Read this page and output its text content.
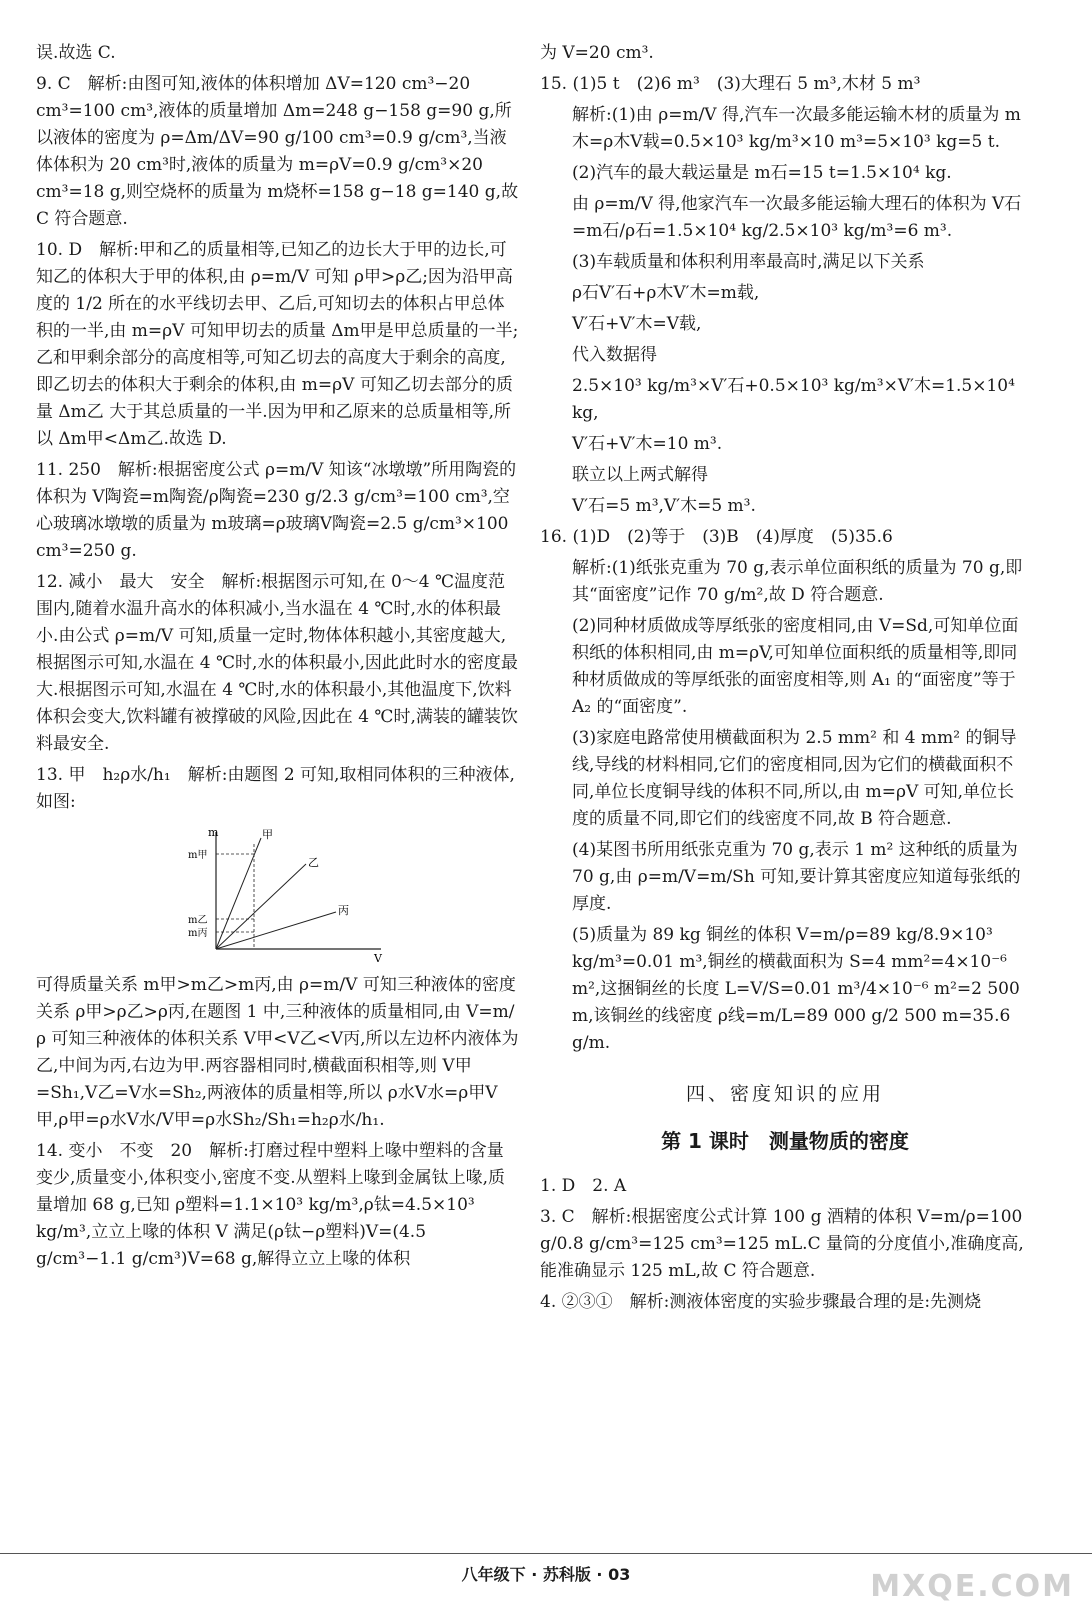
误.故选 C.
9. C　解析:由图可知,液体的体积增加 ΔV=120 cm³−20 cm³=100 cm³,液体的质量增加 Δm=248 g−158 g=90 g,所以液体的密度为 ρ=Δm/ΔV=90 g/100 cm³=0.9 g/cm³,当液体体积为 20 cm³时,液体的质量为 m=ρV=0.9 g/cm³×20 cm³=18 g,则空烧杯的质量为 m烧杯=158 g−18 g=140 g,故 C 符合题意.
10. D　解析:甲和乙的质量相等,已知乙的边长大于甲的边长,可知乙的体积大于甲的体积,由 ρ=m/V 可知 ρ甲>ρ乙;因为沿甲高度的 1/2 所在的水平线切去甲、乙后,可知切去的体积占甲总体积的一半,由 m=ρV 可知甲切去的质量 Δm甲是甲总质量的一半;乙和甲剩余部分的高度相等,可知乙切去的高度大于剩余的高度,即乙切去的体积大于剩余的体积,由 m=ρV 可知乙切去部分的质量 Δm乙 大于其总质量的一半.因为甲和乙原来的总质量相等,所以 Δm甲<Δm乙.故选 D.
11. 250　解析:根据密度公式 ρ=m/V 知该“冰墩墩”所用陶瓷的体积为 V陶瓷=m陶瓷/ρ陶瓷=230 g/2.3 g/cm³=100 cm³,空心玻璃冰墩墩的质量为 m玻璃=ρ玻璃V陶瓷=2.5 g/cm³×100 cm³=250 g.
12. 减小　最大　安全　解析:根据图示可知,在 0～4 ℃温度范围内,随着水温升高水的体积减小,当水温在 4 ℃时,水的体积最小.由公式 ρ=m/V 可知,质量一定时,物体体积越小,其密度越大,根据图示可知,水温在 4 ℃时,水的体积最小,因此此时水的密度最大.根据图示可知,水温在 4 ℃时,水的体积最小,其他温度下,饮料体积会变大,饮料罐有被撑破的风险,因此在 4 ℃时,满装的罐装饮料最安全.
13. 甲　h₂ρ水/h₁　解析:由题图 2 可知,取相同体积的三种液体,如图:
m
V
m甲
m乙
m丙
甲
乙
丙
可得质量关系 m甲>m乙>m丙,由 ρ=m/V 可知三种液体的密度关系 ρ甲>ρ乙>ρ丙,在题图 1 中,三种液体的质量相同,由 V=m/ρ 可知三种液体的体积关系 V甲<V乙<V丙,所以左边杯内液体为乙,中间为丙,右边为甲.两容器相同时,横截面积相等,则 V甲=Sh₁,V乙=V水=Sh₂,两液体的质量相等,所以 ρ水V水=ρ甲V甲,ρ甲=ρ水V水/V甲=ρ水Sh₂/Sh₁=h₂ρ水/h₁.
14. 变小　不变　20　解析:打磨过程中塑料上喙中塑料的含量变少,质量变小,体积变小,密度不变.从塑料上喙到金属钛上喙,质量增加 68 g,已知 ρ塑料=1.1×10³ kg/m³,ρ钛=4.5×10³ kg/m³,立立上喙的体积 V 满足(ρ钛−ρ塑料)V=(4.5 g/cm³−1.1 g/cm³)V=68 g,解得立立上喙的体积
为 V=20 cm³.
15. (1)5 t　(2)6 m³　(3)大理石 5 m³,木材 5 m³
解析:(1)由 ρ=m/V 得,汽车一次最多能运输木材的质量为 m木=ρ木V载=0.5×10³ kg/m³×10 m³=5×10³ kg=5 t.
(2)汽车的最大载运量是 m石=15 t=1.5×10⁴ kg.
由 ρ=m/V 得,他家汽车一次最多能运输大理石的体积为 V石=m石/ρ石=1.5×10⁴ kg/2.5×10³ kg/m³=6 m³.
(3)车载质量和体积利用率最高时,满足以下关系
ρ石V′石+ρ木V′木=m载,
V′石+V′木=V载,
代入数据得
2.5×10³ kg/m³×V′石+0.5×10³ kg/m³×V′木=1.5×10⁴ kg,
V′石+V′木=10 m³.
联立以上两式解得
V′石=5 m³,V′木=5 m³.
16. (1)D　(2)等于　(3)B　(4)厚度　(5)35.6
解析:(1)纸张克重为 70 g,表示单位面积纸的质量为 70 g,即其“面密度”记作 70 g/m²,故 D 符合题意.
(2)同种材质做成等厚纸张的密度相同,由 V=Sd,可知单位面积纸的体积相同,由 m=ρV,可知单位面积纸的质量相等,即同种材质做成的等厚纸张的面密度相等,则 A₁ 的“面密度”等于 A₂ 的“面密度”.
(3)家庭电路常使用横截面积为 2.5 mm² 和 4 mm² 的铜导线,导线的材料相同,它们的密度相同,因为它们的横截面积不同,单位长度铜导线的体积不同,所以,由 m=ρV 可知,单位长度的质量不同,即它们的线密度不同,故 B 符合题意.
(4)某图书所用纸张克重为 70 g,表示 1 m² 这种纸的质量为 70 g,由 ρ=m/V=m/Sh 可知,要计算其密度应知道每张纸的厚度.
(5)质量为 89 kg 铜丝的体积 V=m/ρ=89 kg/8.9×10³ kg/m³=0.01 m³,铜丝的横截面积为 S=4 mm²=4×10⁻⁶ m²,这捆铜丝的长度 L=V/S=0.01 m³/4×10⁻⁶ m²=2 500 m,该铜丝的线密度 ρ线=m/L=89 000 g/2 500 m=35.6 g/m.
四、密度知识的应用
第 1 课时　测量物质的密度
1. D　2. A
3. C　解析:根据密度公式计算 100 g 酒精的体积 V=m/ρ=100 g/0.8 g/cm³=125 cm³=125 mL.C 量筒的分度值小,准确度高,能准确显示 125 mL,故 C 符合题意.
4. ②③①　解析:测液体密度的实验步骤最合理的是:先测烧
八年级下 · 苏科版 · 03	MXQE.COM
